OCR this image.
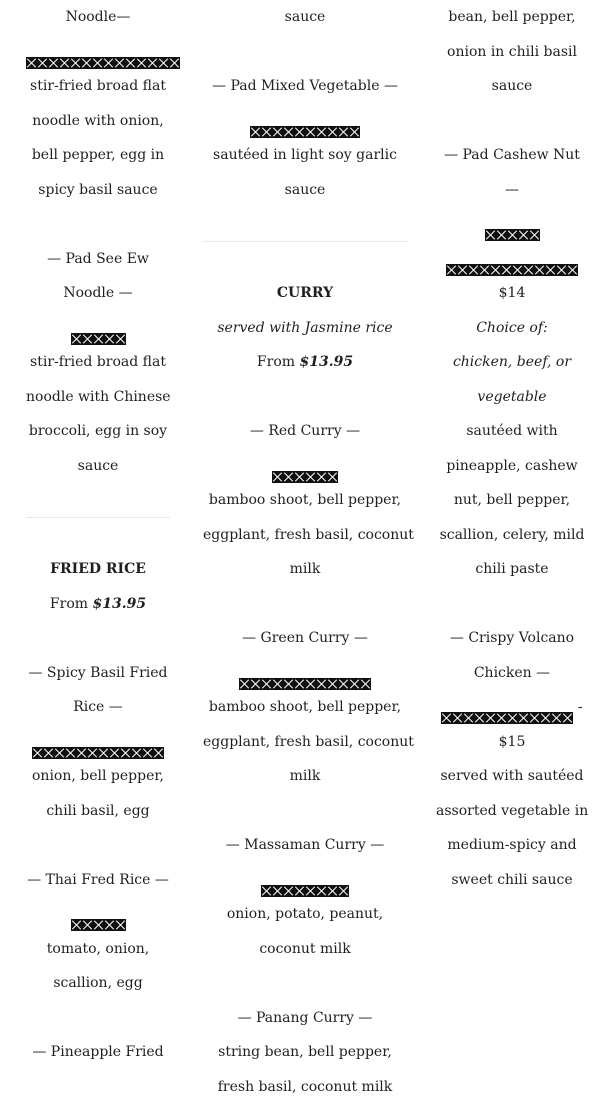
Noodle—
stir-fried broad flat
noodle with onion,
bell pepper, egg in
spicy basil sauce
— Pad See Ew
Noodle —
stir-fried broad flat
noodle with Chinese
broccoli, egg in soy
sauce
FRIED RICE
From $13.95
— Spicy Basil Fried
Rice —
onion, bell pepper,
chili basil, egg
— Thai Fred Rice —
tomato, onion,
scallion, egg
— Pineapple Fried
sauce
— Pad Mixed Vegetable —
sautéed in light soy garlic
sauce
CURRY
served with Jasmine rice
From $13.95
— Red Curry —
bamboo shoot, bell pepper,
eggplant, fresh basil, coconut
milk
— Green Curry —
bamboo shoot, bell pepper,
eggplant, fresh basil, coconut
milk
— Massaman Curry —
onion, potato, peanut,
coconut milk
— Panang Curry —
string bean, bell pepper,
fresh basil, coconut milk
bean, bell pepper,
onion in chili basil
sauce
— Pad Cashew Nut
—
$14
Choice of:
chicken, beef, or
vegetable
sautéed with
pineapple, cashew
nut, bell pepper,
scallion, celery, mild
chili paste
— Crispy Volcano
Chicken —
-
$15
served with sautéed
assorted vegetable in
medium-spicy and
sweet chili sauce
